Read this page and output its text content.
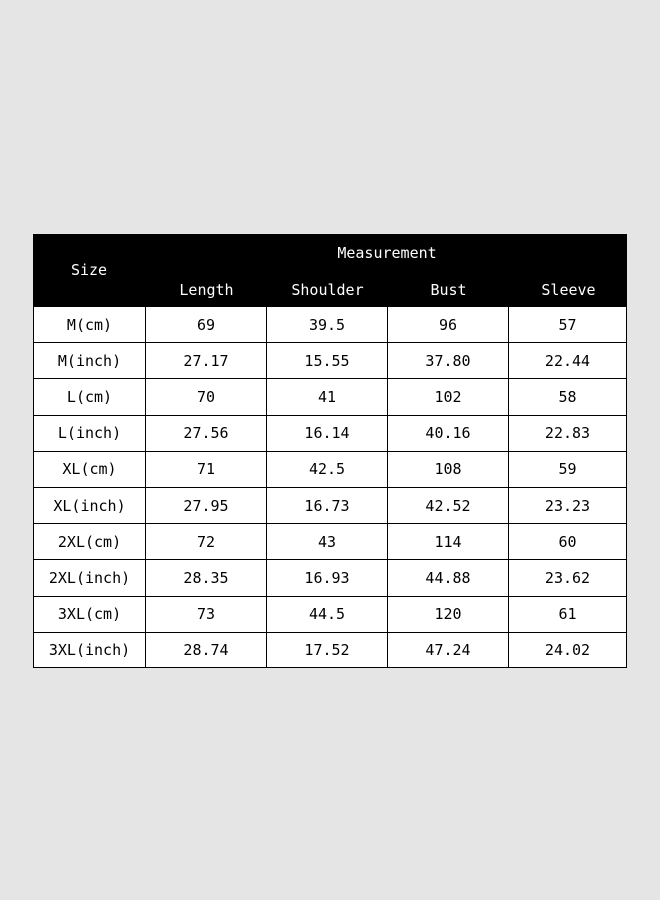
Size
Measurement
Length	Shoulder	Bust	Sleeve
M(cm)	69	39.5	96	57
M(inch)	27.17	15.55	37.80	22.44
L(cm)	70	41	102	58
L(inch)	27.56	16.14	40.16	22.83
XL(cm)	71	42.5	108	59
XL(inch)	27.95	16.73	42.52	23.23
2XL(cm)	72	43	114	60
2XL(inch)	28.35	16.93	44.88	23.62
3XL(cm)	73	44.5	120	61
3XL(inch)	28.74	17.52	47.24	24.02
